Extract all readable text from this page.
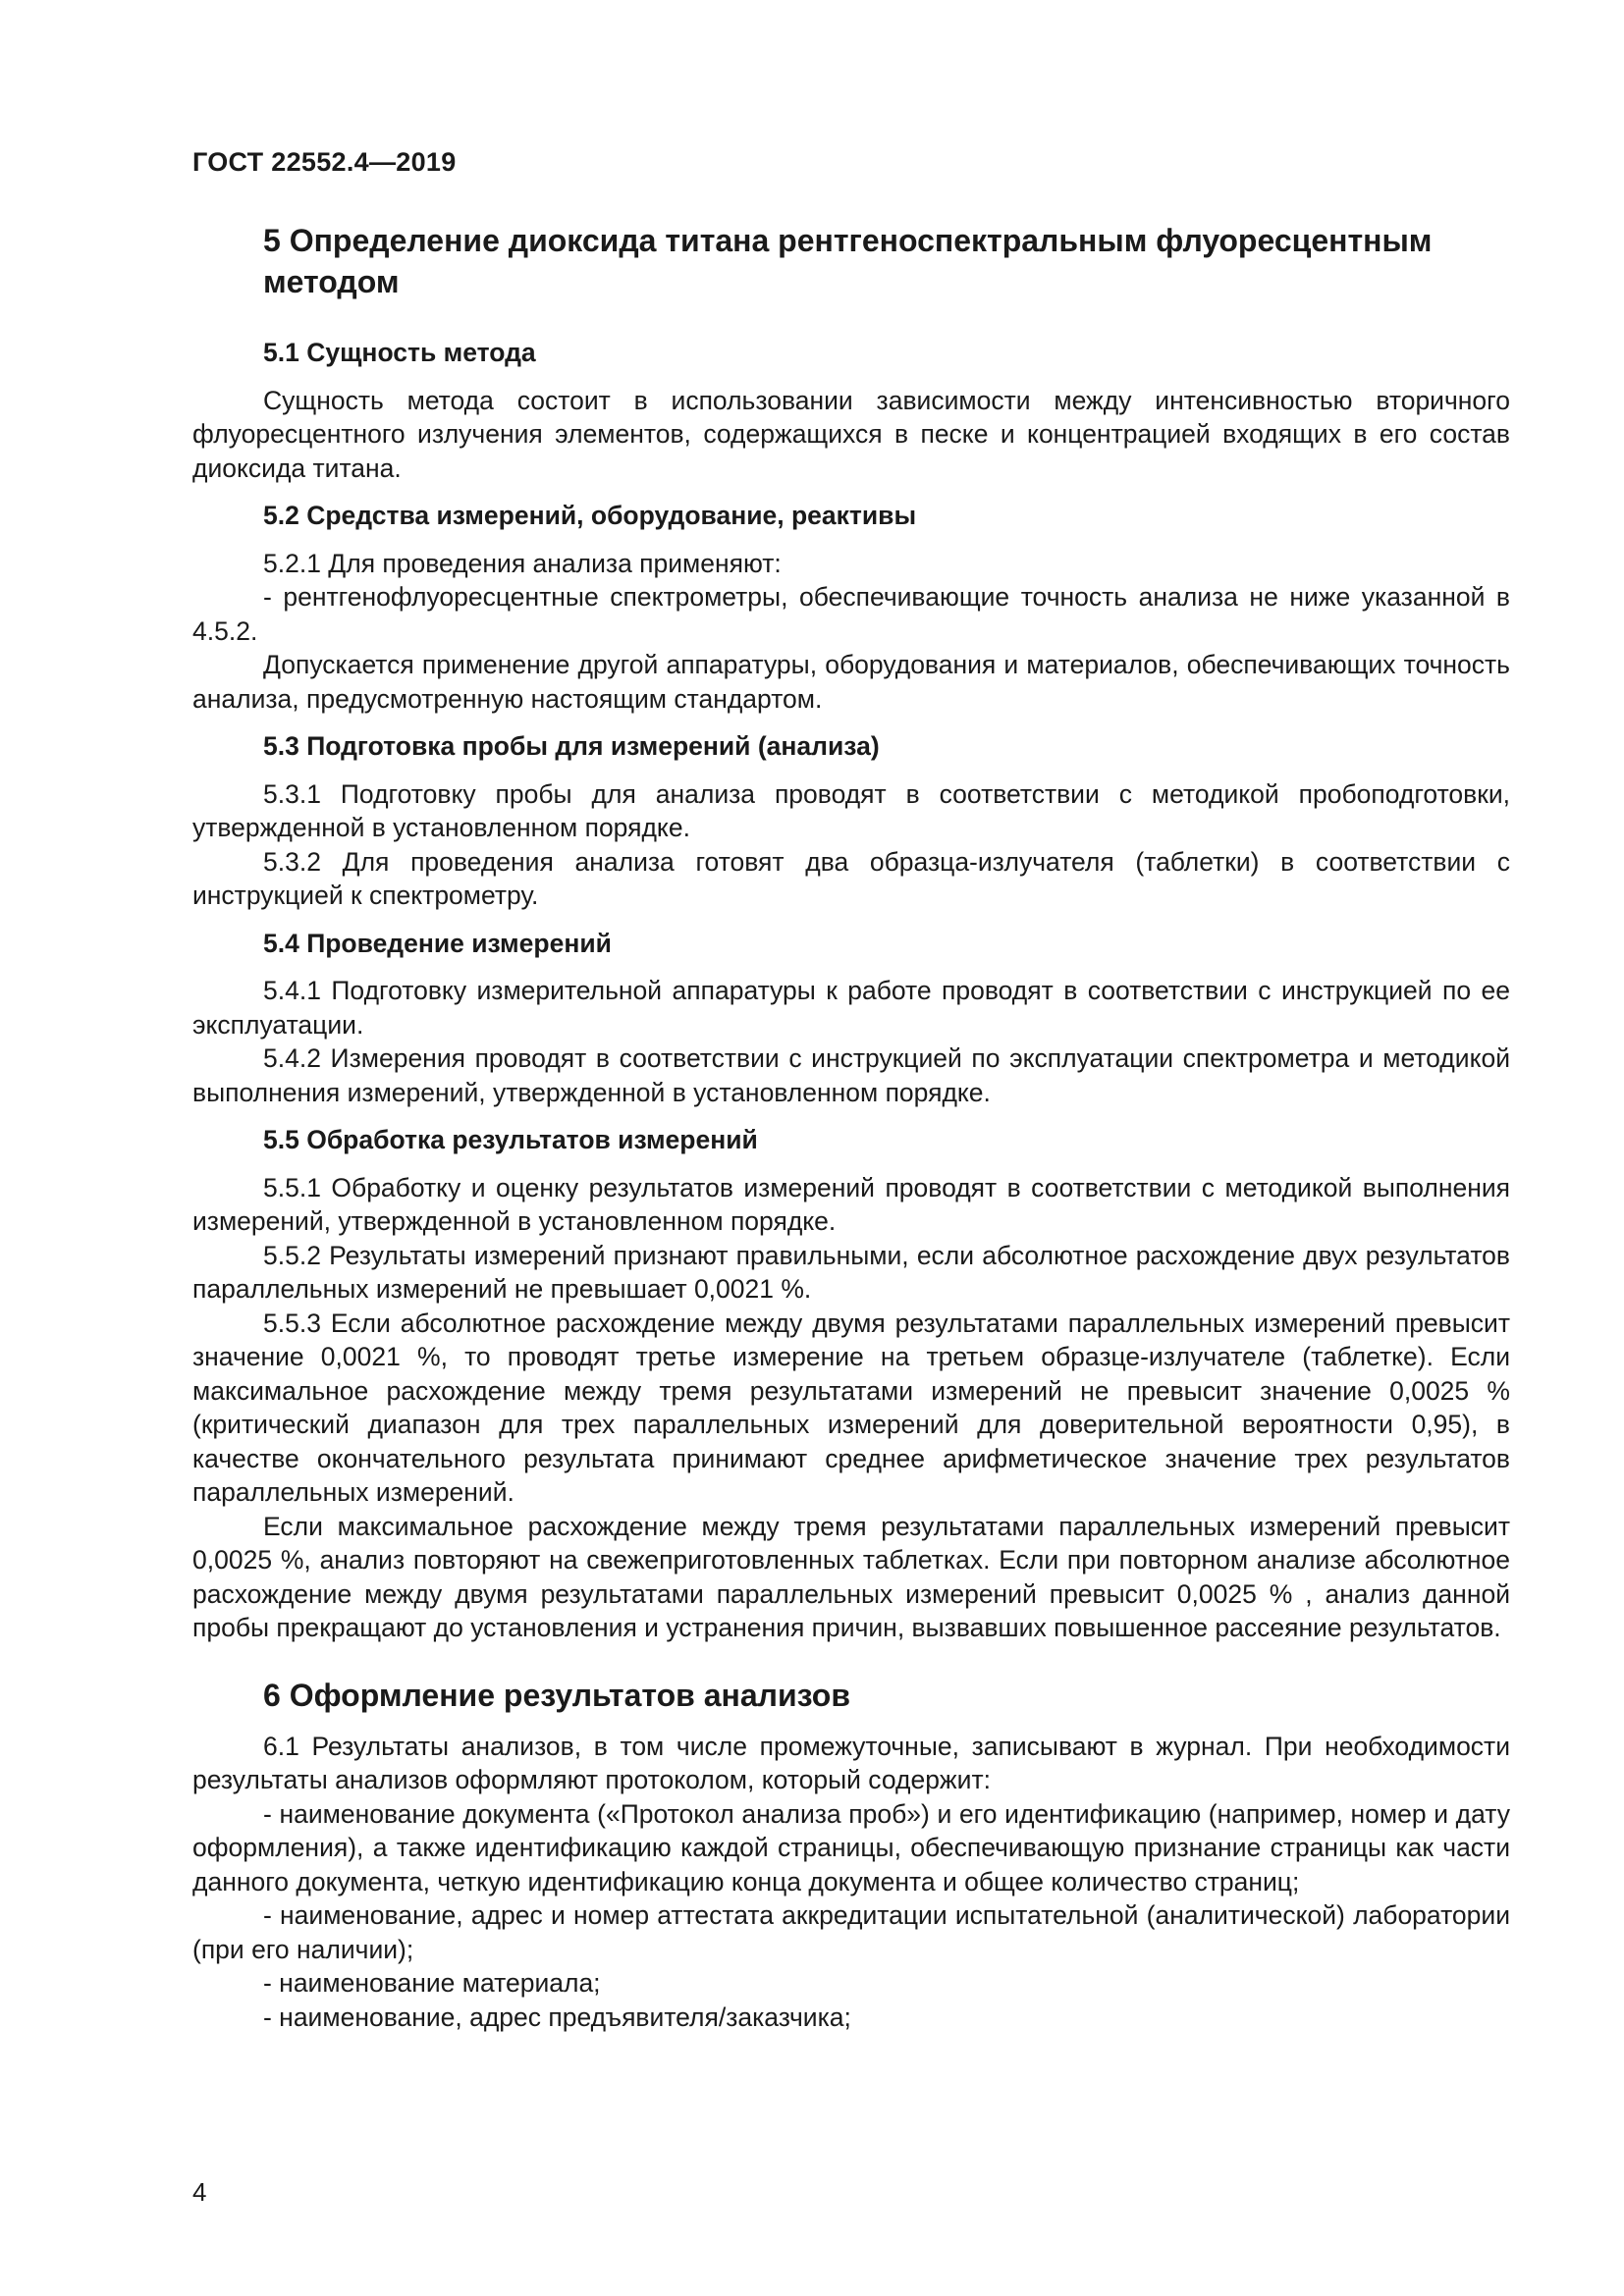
ГОСТ 22552.4—2019
5 Определение диоксида титана рентгеноспектральным флуоресцентным методом
5.1 Сущность метода

Сущность метода состоит в использовании зависимости между интенсивностью вторичного флуоресцентного излучения элементов, содержащихся в песке и концентрацией входящих в его состав диоксида титана.

5.2 Средства измерений, оборудование, реактивы

5.2.1 Для проведения анализа применяют:

- рентгенофлуоресцентные спектрометры, обеспечивающие точность анализа не ниже указанной в 4.5.2.

Допускается применение другой аппаратуры, оборудования и материалов, обеспечивающих точность анализа, предусмотренную настоящим стандартом.

5.3 Подготовка пробы для измерений (анализа)

5.3.1 Подготовку пробы для анализа проводят в соответствии с методикой пробоподготовки, утвержденной в установленном порядке.

5.3.2 Для проведения анализа готовят два образца-излучателя (таблетки) в соответствии с инструкцией к спектрометру.

5.4 Проведение измерений

5.4.1 Подготовку измерительной аппаратуры к работе проводят в соответствии с инструкцией по ее эксплуатации.

5.4.2 Измерения проводят в соответствии с инструкцией по эксплуатации спектрометра и методикой выполнения измерений, утвержденной в установленном порядке.

5.5 Обработка результатов измерений

5.5.1 Обработку и оценку результатов измерений проводят в соответствии с методикой выполнения измерений, утвержденной в установленном порядке.

5.5.2 Результаты измерений признают правильными, если абсолютное расхождение двух результатов параллельных измерений не превышает 0,0021 %.

5.5.3 Если абсолютное расхождение между двумя результатами параллельных измерений превысит значение 0,0021 %, то проводят третье измерение на третьем образце-излучателе (таблетке). Если максимальное расхождение между тремя результатами измерений не превысит значение 0,0025 % (критический диапазон для трех параллельных измерений для доверительной вероятности 0,95), в качестве окончательного результата принимают среднее арифметическое значение трех результатов параллельных измерений.

Если максимальное расхождение между тремя результатами параллельных измерений превысит 0,0025 %, анализ повторяют на свежеприготовленных таблетках. Если при повторном анализе абсолютное расхождение между двумя результатами параллельных измерений превысит 0,0025 % , анализ данной пробы прекращают до установления и устранения причин, вызвавших повышенное рассеяние результатов.

6 Оформление результатов анализов

6.1 Результаты анализов, в том числе промежуточные, записывают в журнал. При необходимости результаты анализов оформляют протоколом, который содержит:

- наименование документа («Протокол анализа проб») и его идентификацию (например, номер и дату оформления), а также идентификацию каждой страницы, обеспечивающую признание страницы как части данного документа, четкую идентификацию конца документа и общее количество страниц;

- наименование, адрес и номер аттестата аккредитации испытательной (аналитической) лаборатории (при его наличии);

- наименование материала;

- наименование, адрес предъявителя/заказчика;

4
